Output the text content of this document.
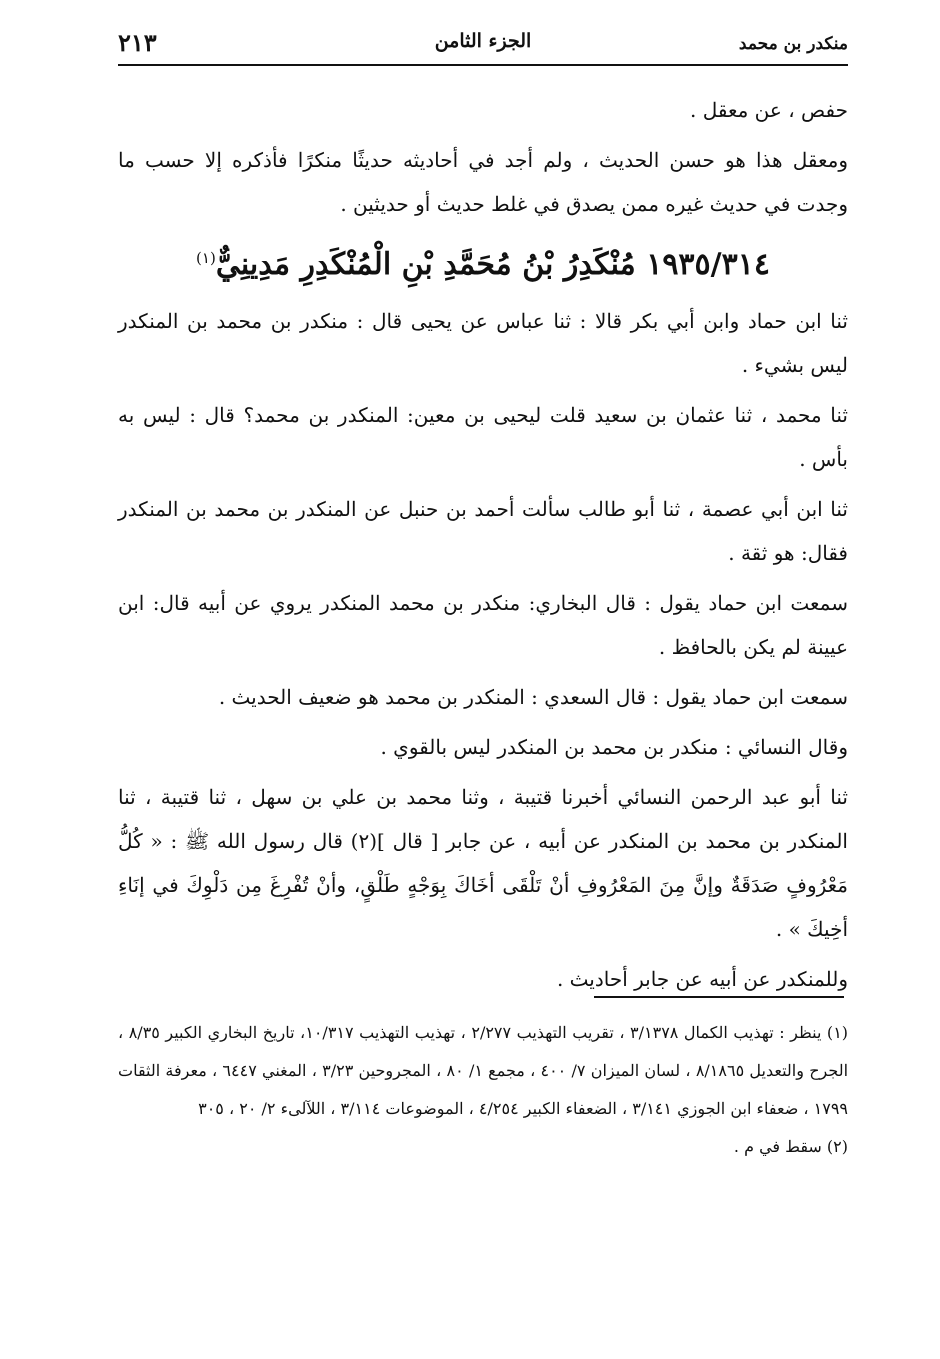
٢١٣	الجزء الثامن	منكدر بن محمد

حفص ، عن معقل .

ومعقل هذا هو حسن الحديث ، ولم أجد في أحاديثه حديثًا منكرًا فأذكره إلا حسب ما وجدت في حديث غيره ممن يصدق في غلط حديث أو حديثين .

١٩٣٥/٣١٤ مُنْكَدِرُ بْنُ مُحَمَّدِ بْنِ الْمُنْكَدِرِ مَدِينِيٌّ$^{(١)}$

ثنا ابن حماد وابن أبي بكر قالا : ثنا عباس عن يحيى قال : منكدر بن محمد بن المنكدر ليس بشيء .

ثنا محمد ، ثنا عثمان بن سعيد قلت ليحيى بن معين: المنكدر بن محمد؟ قال : ليس به بأس .

ثنا ابن أبي عصمة ، ثنا أبو طالب سألت أحمد بن حنبل عن المنكدر بن محمد بن المنكدر فقال: هو ثقة .

سمعت ابن حماد يقول : قال البخاري: منكدر بن محمد المنكدر يروي عن أبيه قال: ابن عيينة لم يكن بالحافظ .

سمعت ابن حماد يقول : قال السعدي : المنكدر بن محمد هو ضعيف الحديث .

وقال النسائي : منكدر بن محمد بن المنكدر ليس بالقوي .

ثنا أبو عبد الرحمن النسائي أخبرنا قتيبة ، وثنا محمد بن علي بن سهل ، ثنا قتيبة ، ثنا المنكدر بن محمد بن المنكدر عن أبيه ، عن جابر [ قال ](٢) قال رسول الله ﷺ : « كُلُّ مَعْرُوفٍ صَدَقَةٌ وإنَّ مِنَ المَعْرُوفِ أنْ تَلْقَى أخَاكَ بِوَجْهٍ طَلْقٍ، وأنْ تُفْرِغَ مِن دَلْوِكَ في إنَاءِ أخِيكَ » .

وللمنكدر عن أبيه عن جابر أحاديث .

(١) ينظر : تهذيب الكمال ٣/١٣٧٨ ، تقريب التهذيب ٢/٢٧٧ ، تهذيب التهذيب ١٠/٣١٧، تاريخ البخاري الكبير ٨/٣٥ ، الجرح والتعديل ٨/١٨٦٥ ، لسان الميزان ٧/ ٤٠٠ ، مجمع ١/ ٨٠ ، المجروحين ٣/٢٣ ، المغني ٦٤٤٧ ، معرفة الثقات ١٧٩٩ ، ضعفاء ابن الجوزي ٣/١٤١ ، الضعفاء الكبير ٤/٢٥٤ ، الموضوعات ٣/١١٤ ، اللآلىء ٢/ ٢٠ ، ٣٠٥

(٢) سقط في م .
